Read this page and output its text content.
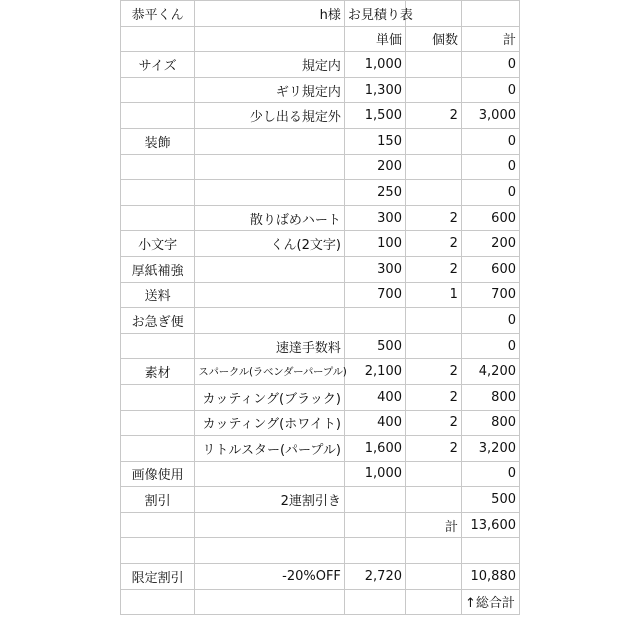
恭平くん	h様	お見積り表		
		単価	個数	計
サイズ	規定内	1,000		0
	ギリ規定内	1,300		0
	少し出る規定外	1,500	2	3,000
装飾		150		0
		200		0
		250		0
	散りばめハート	300	2	600
小文字	くん(2文字)	100	2	200
厚紙補強		300	2	600
送料		700	1	700
お急ぎ便				0
	速達手数料	500		0
素材	スパークル(ラベンダーパープル)	2,100	2	4,200
	カッティング(ブラック)	400	2	800
	カッティング(ホワイト)	400	2	800
	リトルスター(パープル)	1,600	2	3,200
画像使用		1,000		0
割引	2連割引き			500
			計	13,600

限定割引	-20%OFF	2,720		10,880
				↑総合計
